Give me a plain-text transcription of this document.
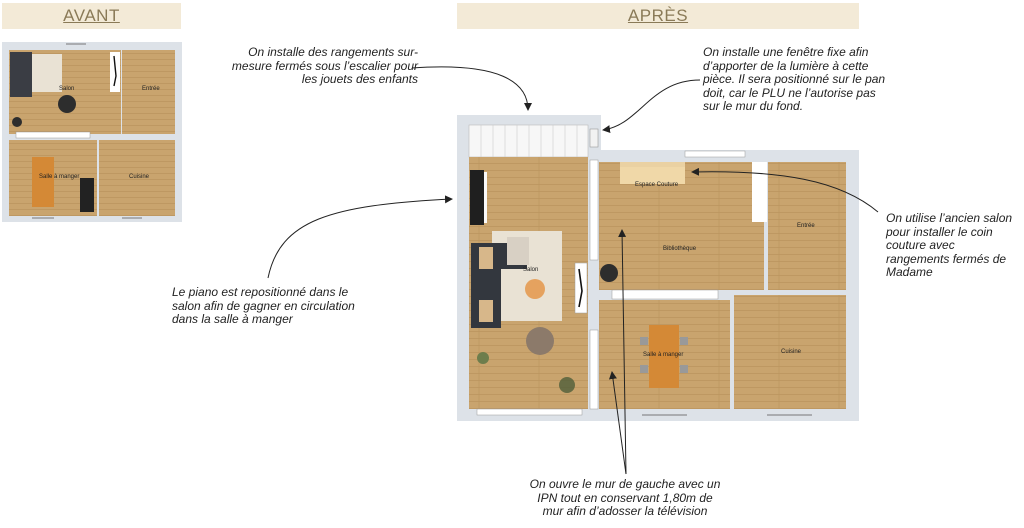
AVANT	APRÈS
Salon	Entrée
Salle à manger	Cuisine
Espace Couture
Entrée
Bibliothèque
Salon
Salle à manger	Cuisine
On installe des rangements sur-
mesure fermés sous l’escalier pour
les jouets des enfants
On installe une fenêtre fixe afin
d’apporter de la lumière à cette
pièce. Il sera positionné sur le pan
doit, car le PLU ne l’autorise pas
sur le mur du fond.
On utilise l’ancien salon
pour installer le coin
couture avec
rangements fermés de
Madame
Le piano est repositionné dans le
salon afin de gagner en circulation
dans la salle à manger
On ouvre le mur de gauche avec un
IPN tout en conservant 1,80m de
mur afin d’adosser la télévision
